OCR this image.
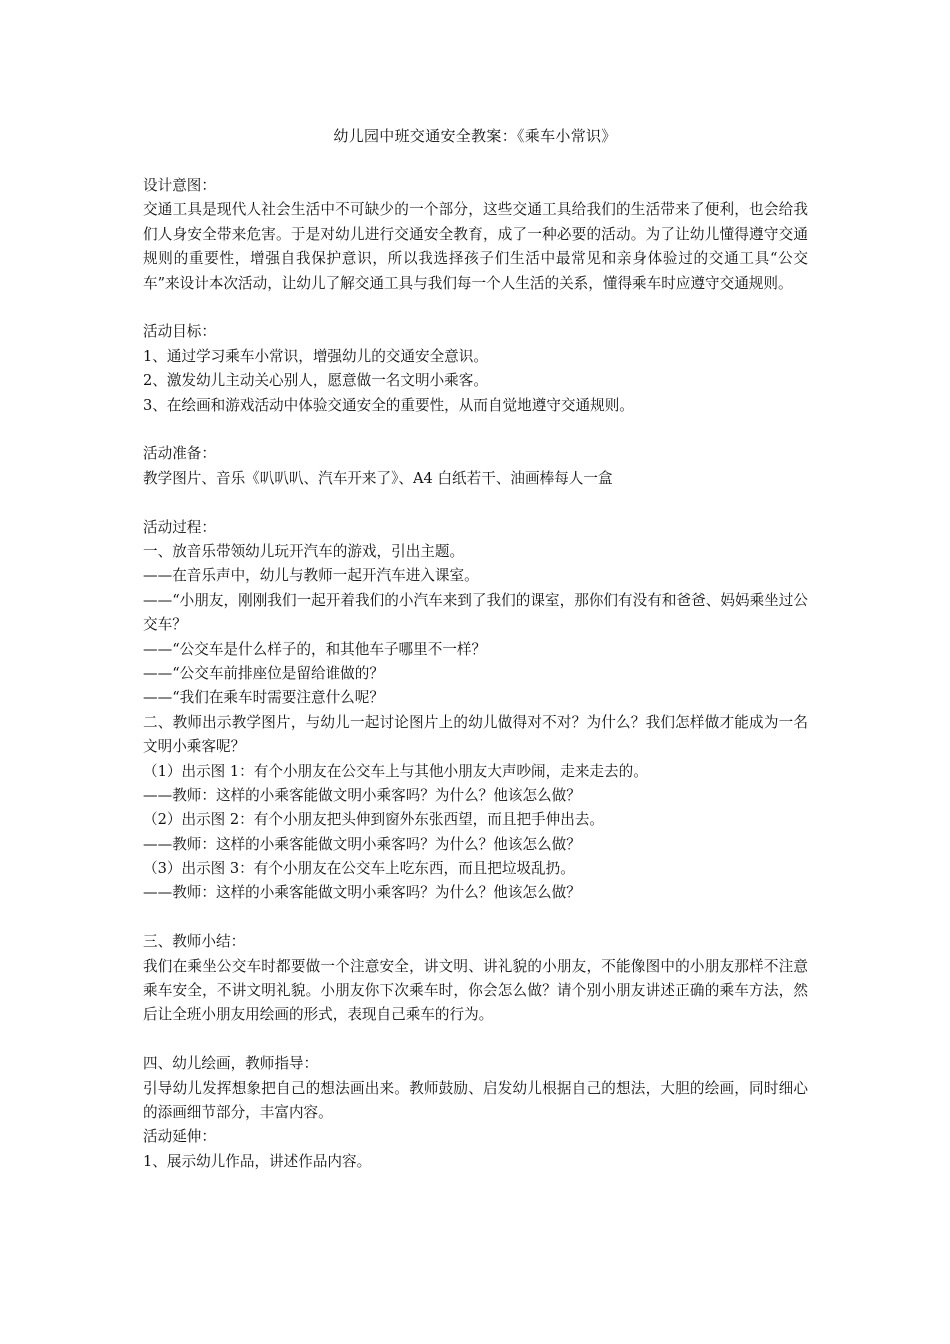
幼儿园中班交通安全教案：《乘车小常识》
设计意图：
交通工具是现代人社会生活中不可缺少的一个部分，这些交通工具给我们的生活带来了便利，也会给我们人身安全带来危害。于是对幼儿进行交通安全教育，成了一种必要的活动。为了让幼儿懂得遵守交通规则的重要性，增强自我保护意识，所以我选择孩子们生活中最常见和亲身体验过的交通工具“公交车”来设计本次活动，让幼儿了解交通工具与我们每一个人生活的关系，懂得乘车时应遵守交通规则。
活动目标：
1、通过学习乘车小常识，增强幼儿的交通安全意识。
2、激发幼儿主动关心别人，愿意做一名文明小乘客。
3、在绘画和游戏活动中体验交通安全的重要性，从而自觉地遵守交通规则。
活动准备：
教学图片、音乐《叭叭叭、汽车开来了》、A4 白纸若干、油画棒每人一盒
活动过程：
一、放音乐带领幼儿玩开汽车的游戏，引出主题。
——在音乐声中，幼儿与教师一起开汽车进入课室。
——“小朋友，刚刚我们一起开着我们的小汽车来到了我们的课室，那你们有没有和爸爸、妈妈乘坐过公交车？
——“公交车是什么样子的，和其他车子哪里不一样？
——“公交车前排座位是留给谁做的？
——“我们在乘车时需要注意什么呢？
二、教师出示教学图片，与幼儿一起讨论图片上的幼儿做得对不对？为什么？我们怎样做才能成为一名文明小乘客呢？
（1）出示图 1：有个小朋友在公交车上与其他小朋友大声吵闹，走来走去的。
——教师：这样的小乘客能做文明小乘客吗？为什么？他该怎么做？
（2）出示图 2：有个小朋友把头伸到窗外东张西望，而且把手伸出去。
——教师：这样的小乘客能做文明小乘客吗？为什么？他该怎么做？
（3）出示图 3：有个小朋友在公交车上吃东西，而且把垃圾乱扔。
——教师：这样的小乘客能做文明小乘客吗？为什么？他该怎么做？
三、教师小结：
我们在乘坐公交车时都要做一个注意安全，讲文明、讲礼貌的小朋友，不能像图中的小朋友那样不注意乘车安全，不讲文明礼貌。小朋友你下次乘车时，你会怎么做？请个别小朋友讲述正确的乘车方法，然后让全班小朋友用绘画的形式，表现自己乘车的行为。
四、幼儿绘画，教师指导：
引导幼儿发挥想象把自己的想法画出来。教师鼓励、启发幼儿根据自己的想法，大胆的绘画，同时细心的添画细节部分，丰富内容。
活动延伸：
1、展示幼儿作品，讲述作品内容。
